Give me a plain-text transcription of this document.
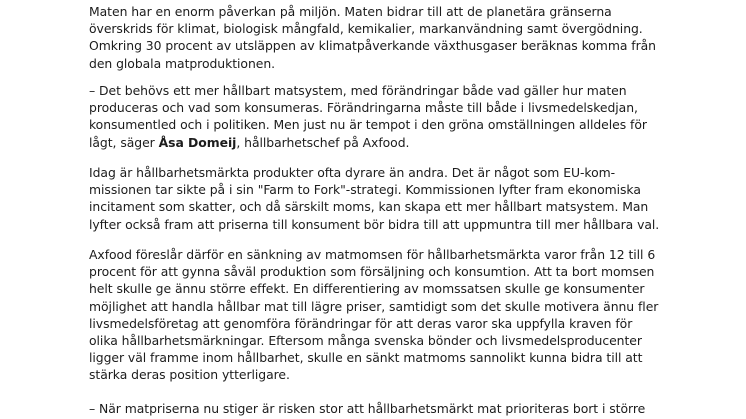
Maten har en enorm påverkan på miljön. Maten bidrar till att de planetära gränserna
överskrids för klimat, biologisk mångfald, kemikalier, markanvändning samt övergödning.
Omkring 30 procent av utsläppen av klimatpåverkande växthusgaser beräknas komma från
den globala matproduktionen.

– Det behövs ett mer hållbart matsystem, med förändringar både vad gäller hur maten
produceras och vad som konsumeras. Förändringarna måste till både i livsmedelskedjan,
konsumentled och i politiken. Men just nu är tempot i den gröna omställningen alldeles för
lågt, säger Åsa Domeij, hållbarhetschef på Axfood.

Idag är hållbarhetsmärkta produkter ofta dyrare än andra. Det är något som EU-kom-
missionen tar sikte på i sin "Farm to Fork"-strategi. Kommissionen lyfter fram ekonomiska
incitament som skatter, och då särskilt moms, kan skapa ett mer hållbart matsystem. Man
lyfter också fram att priserna till konsument bör bidra till att uppmuntra till mer hållbara val.

Axfood föreslår därför en sänkning av matmomsen för hållbarhetsmärkta varor från 12 till 6
procent för att gynna såväl produktion som försäljning och konsumtion. Att ta bort momsen
helt skulle ge ännu större effekt. En differentiering av momssatsen skulle ge konsumenter
möjlighet att handla hållbar mat till lägre priser, samtidigt som det skulle motivera ännu fler
livsmedelsföretag att genomföra förändringar för att deras varor ska uppfylla kraven för
olika hållbarhetsmärkningar. Eftersom många svenska bönder och livsmedelsproducenter
ligger väl framme inom hållbarhet, skulle en sänkt matmoms sannolikt kunna bidra till att
stärka deras position ytterligare.

– När matpriserna nu stiger är risken stor att hållbarhetsmärkt mat prioriteras bort i större
